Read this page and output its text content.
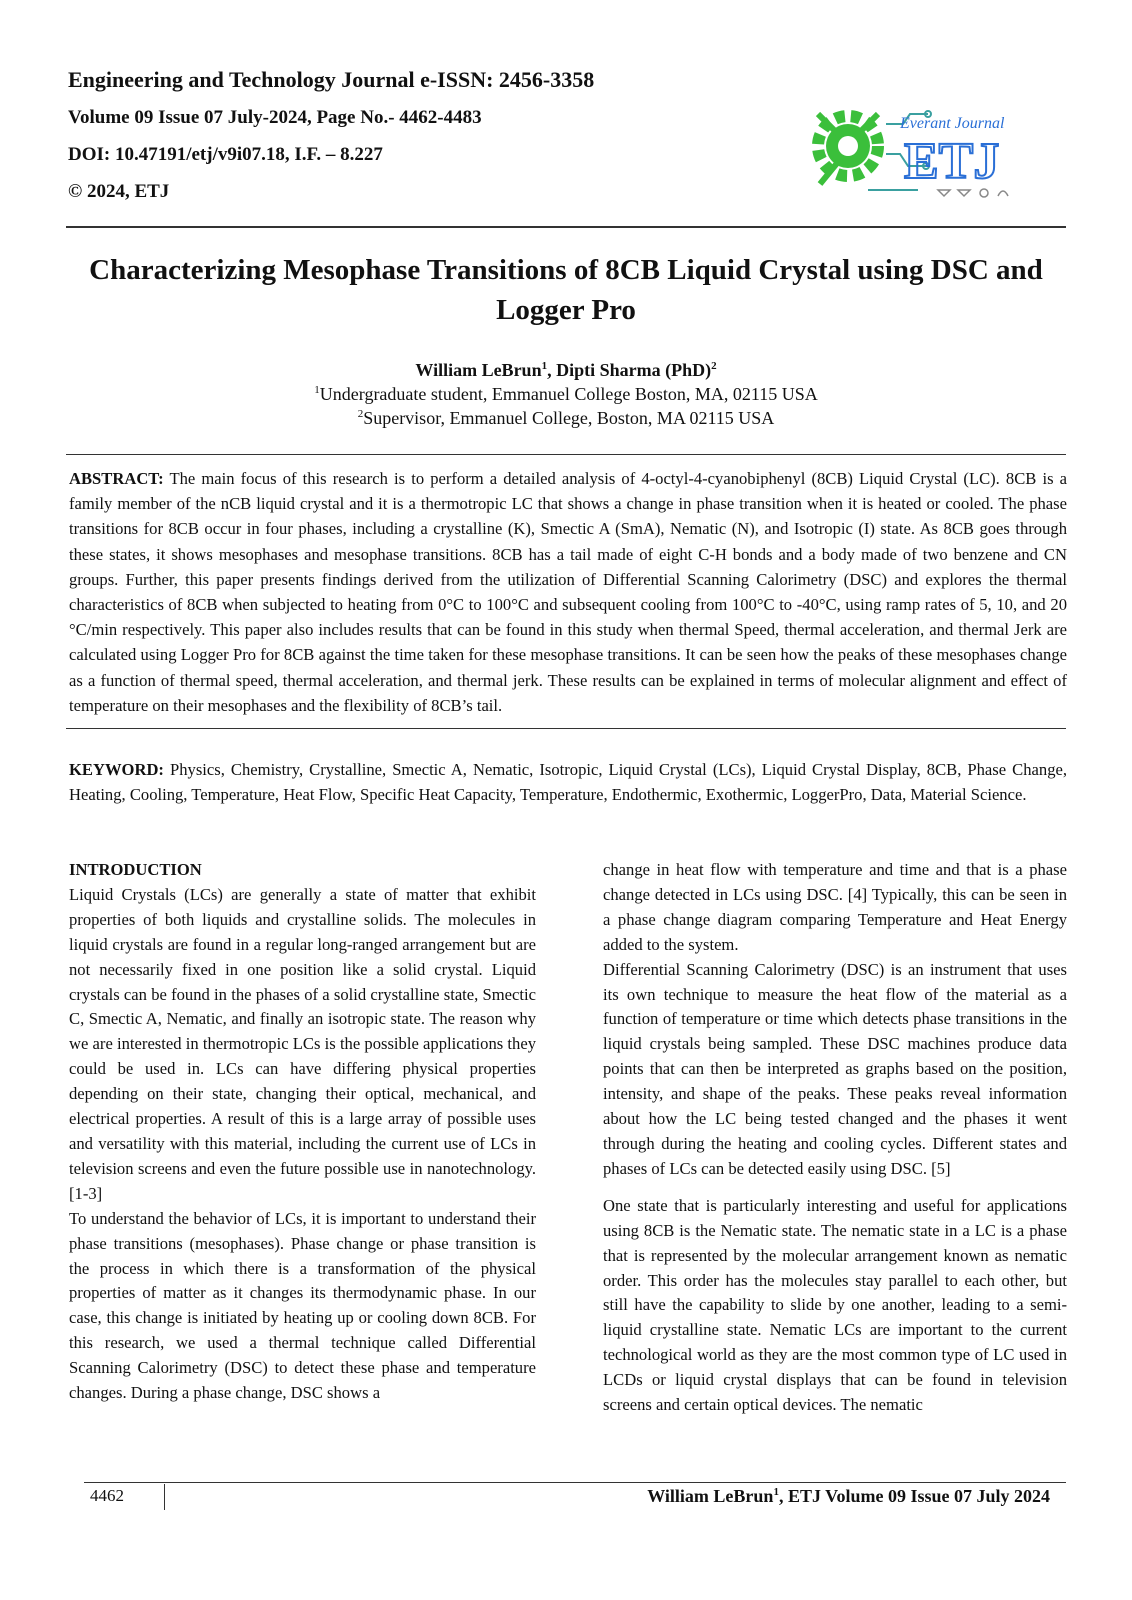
Engineering and Technology Journal e-ISSN: 2456-3358
Volume 09 Issue 07 July-2024, Page No.- 4462-4483
DOI: 10.47191/etj/v9i07.18, I.F. – 8.227
© 2024, ETJ
Everant Journal
ETJ
Characterizing Mesophase Transitions of 8CB Liquid Crystal using DSC and Logger Pro
William LeBrun$^1$, Dipti Sharma (PhD)$^2$
$^1$Undergraduate student, Emmanuel College Boston, MA, 02115 USA
$^2$Supervisor, Emmanuel College, Boston, MA 02115 USA
ABSTRACT: The main focus of this research is to perform a detailed analysis of 4-octyl-4-cyanobiphenyl (8CB) Liquid Crystal (LC). 8CB is a family member of the nCB liquid crystal and it is a thermotropic LC that shows a change in phase transition when it is heated or cooled. The phase transitions for 8CB occur in four phases, including a crystalline (K), Smectic A (SmA), Nematic (N), and Isotropic (I) state. As 8CB goes through these states, it shows mesophases and mesophase transitions. 8CB has a tail made of eight C-H bonds and a body made of two benzene and CN groups. Further, this paper presents findings derived from the utilization of Differential Scanning Calorimetry (DSC) and explores the thermal characteristics of 8CB when subjected to heating from 0°C to 100°C and subsequent cooling from 100°C to -40°C, using ramp rates of 5, 10, and 20 °C/min respectively. This paper also includes results that can be found in this study when thermal Speed, thermal acceleration, and thermal Jerk are calculated using Logger Pro for 8CB against the time taken for these mesophase transitions. It can be seen how the peaks of these mesophases change as a function of thermal speed, thermal acceleration, and thermal jerk. These results can be explained in terms of molecular alignment and effect of temperature on their mesophases and the flexibility of 8CB’s tail.
KEYWORD: Physics, Chemistry, Crystalline, Smectic A, Nematic, Isotropic, Liquid Crystal (LCs), Liquid Crystal Display, 8CB, Phase Change, Heating, Cooling, Temperature, Heat Flow, Specific Heat Capacity, Temperature, Endothermic, Exothermic, LoggerPro, Data, Material Science.
INTRODUCTION

Liquid Crystals (LCs) are generally a state of matter that exhibit properties of both liquids and crystalline solids. The molecules in liquid crystals are found in a regular long-ranged arrangement but are not necessarily fixed in one position like a solid crystal. Liquid crystals can be found in the phases of a solid crystalline state, Smectic C, Smectic A, Nematic, and finally an isotropic state. The reason why we are interested in thermotropic LCs is the possible applications they could be used in. LCs can have differing physical properties depending on their state, changing their optical, mechanical, and electrical properties. A result of this is a large array of possible uses and versatility with this material, including the current use of LCs in television screens and even the future possible use in nanotechnology. [1-3]

To understand the behavior of LCs, it is important to understand their phase transitions (mesophases). Phase change or phase transition is the process in which there is a transformation of the physical properties of matter as it changes its thermodynamic phase. In our case, this change is initiated by heating up or cooling down 8CB. For this research, we used a thermal technique called Differential Scanning Calorimetry (DSC) to detect these phase and temperature changes. During a phase change, DSC shows a

change in heat flow with temperature and time and that is a phase change detected in LCs using DSC. [4] Typically, this can be seen in a phase change diagram comparing Temperature and Heat Energy added to the system.

Differential Scanning Calorimetry (DSC) is an instrument that uses its own technique to measure the heat flow of the material as a function of temperature or time which detects phase transitions in the liquid crystals being sampled. These DSC machines produce data points that can then be interpreted as graphs based on the position, intensity, and shape of the peaks. These peaks reveal information about how the LC being tested changed and the phases it went through during the heating and cooling cycles. Different states and phases of LCs can be detected easily using DSC. [5]

One state that is particularly interesting and useful for applications using 8CB is the Nematic state. The nematic state in a LC is a phase that is represented by the molecular arrangement known as nematic order. This order has the molecules stay parallel to each other, but still have the capability to slide by one another, leading to a semi-liquid crystalline state. Nematic LCs are important to the current technological world as they are the most common type of LC used in LCDs or liquid crystal displays that can be found in television screens and certain optical devices. The nematic

4462	William LeBrun$^1$, ETJ Volume 09 Issue 07 July 2024
